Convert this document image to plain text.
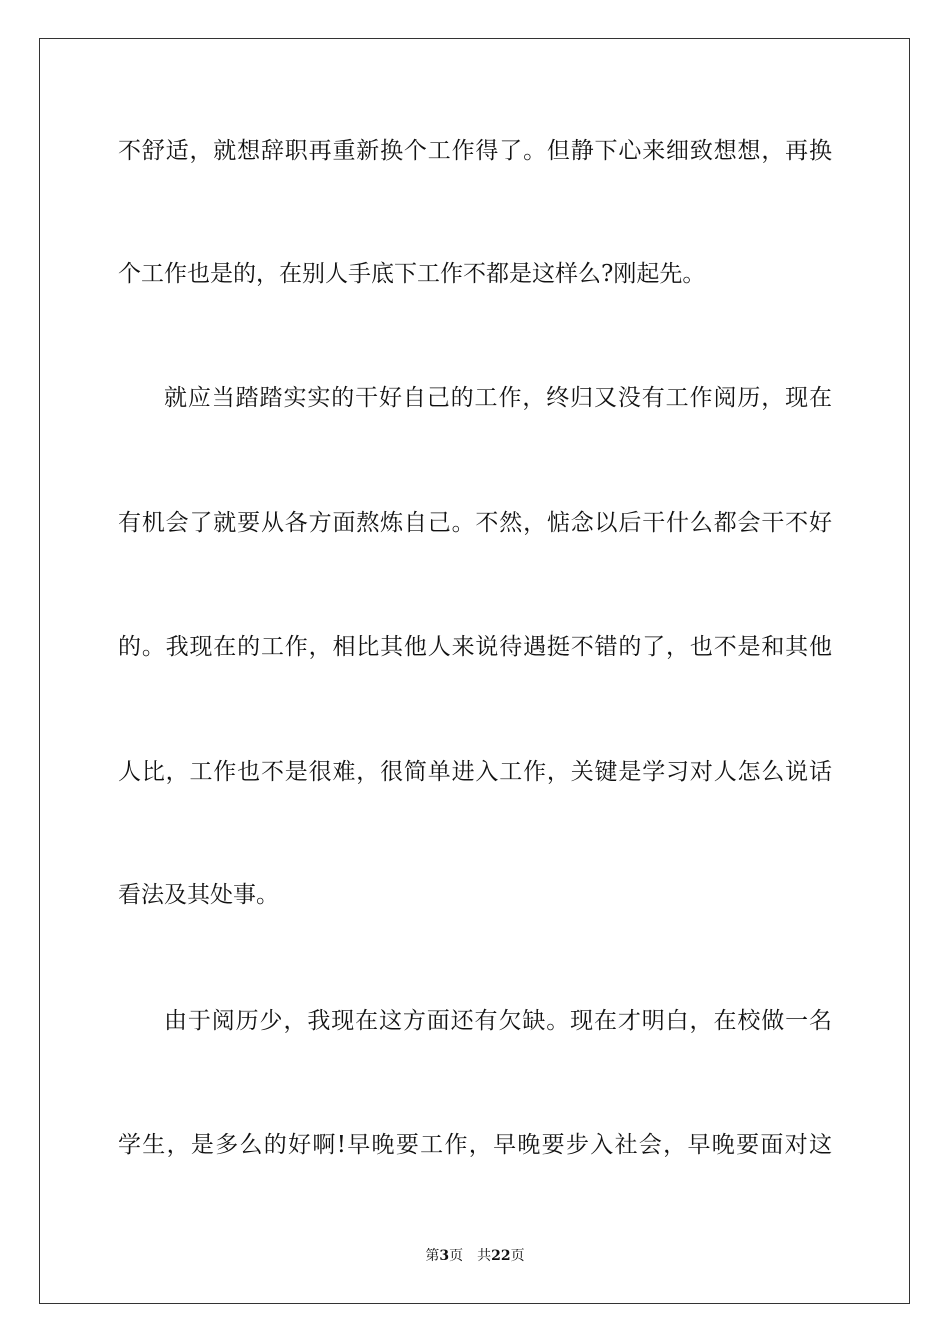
不舒适，就想辞职再重新换个工作得了。但静下心来细致想想，再换
个工作也是的，在别人手底下工作不都是这样么?刚起先。
就应当踏踏实实的干好自己的工作，终归又没有工作阅历，现在
有机会了就要从各方面熬炼自己。不然，惦念以后干什么都会干不好
的。我现在的工作，相比其他人来说待遇挺不错的了，也不是和其他
人比，工作也不是很难，很简单进入工作，关键是学习对人怎么说话
看法及其处事。
由于阅历少，我现在这方面还有欠缺。现在才明白，在校做一名
学生，是多么的好啊!早晚要工作，早晚要步入社会，早晚要面对这
第3页 共22页
